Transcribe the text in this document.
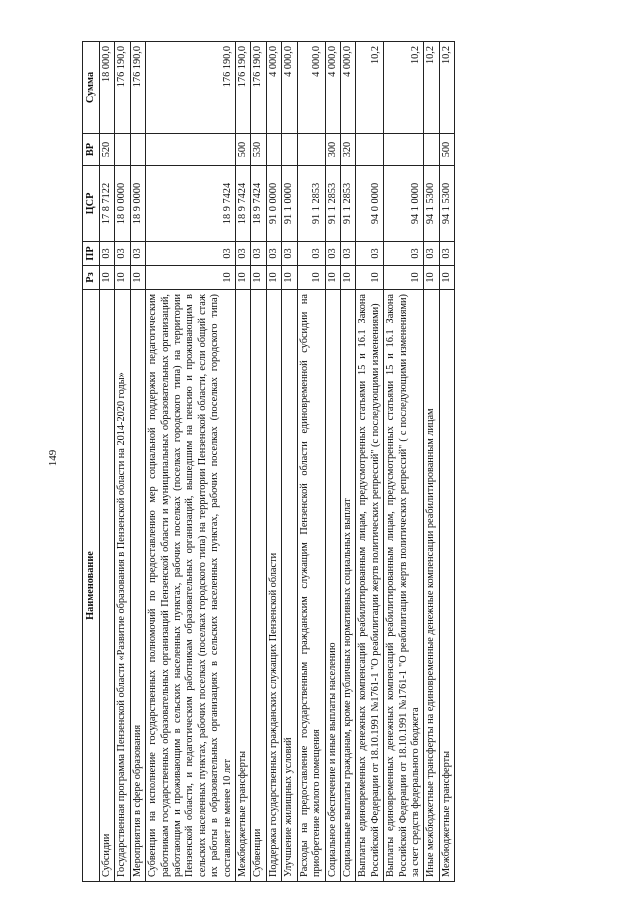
149
Наименование	Рз	ПР	ЦСР	ВР	Сумма
Субсидии	10	03	17 8 7122	520	18 000,0
Государственная программа Пензенской области «Развитие образования в Пензенской области на 2014-2020 годы»	10	03	18 0 0000		176 190,0
Мероприятия в сфере образования	10	03	18 9 0000		176 190,0
Субвенции на исполнение государственных полномочий по предоставлению мер социальной поддержки педагогическим работникам государственных образовательных организаций Пензенской области и муниципальных образовательных организаций, работающим и проживающим в сельских населенных пунктах, рабочих поселках (поселках городского типа) на территории Пензенской области, и педагогическим работникам образовательных организаций, вышедшим на пенсию и проживающим в сельских населенных пунктах, рабочих поселках (поселках городского типа) на территории Пензенской области, если общий стаж их работы в образовательных организациях в сельских населенных пунктах, рабочих поселках (поселках городского типа) составляет не менее 10 лет	10	03	18 9 7424		176 190,0
Межбюджетные трансферты	10	03	18 9 7424	500	176 190,0
Субвенции	10	03	18 9 7424	530	176 190,0
Поддержка государственных гражданских служащих Пензенской области	10	03	91 0 0000		4 000,0
Улучшение жилищных условий	10	03	91 1 0000		4 000,0
Расходы на предоставление государственным гражданским служащим Пензенской области единовременной субсидии на приобретение жилого помещения	10	03	91 1 2853		4 000,0
Социальное обеспечение и иные выплаты населению	10	03	91 1 2853	300	4 000,0
Социальные выплаты гражданам, кроме публичных нормативных социальных выплат	10	03	91 1 2853	320	4 000,0
Выплаты единовременных денежных компенсаций реабилитированным лицам, предусмотренных статьями 15 и 16.1 Закона Российской Федерации от 18.10.1991 №1761-1 "О реабилитации жертв политических репрессий" (с последующими изменениями)	10	03	94 0 0000		10,2
Выплаты единовременных денежных компенсаций реабилитированным лицам, предусмотренных статьями 15 и 16.1 Закона Российской Федерации от 18.10.1991 №1761-1 "О реабилитации жертв политических репрессий" ( с последующими изменениями) за счет средств федерального бюджета	10	03	94 1 0000		10,2
Иные межбюджетные трансферты на единовременные денежные компенсации реабилитированным лицам	10	03	94 1 5300		10,2
Межбюджетные трансферты	10	03	94 1 5300	500	10,2
